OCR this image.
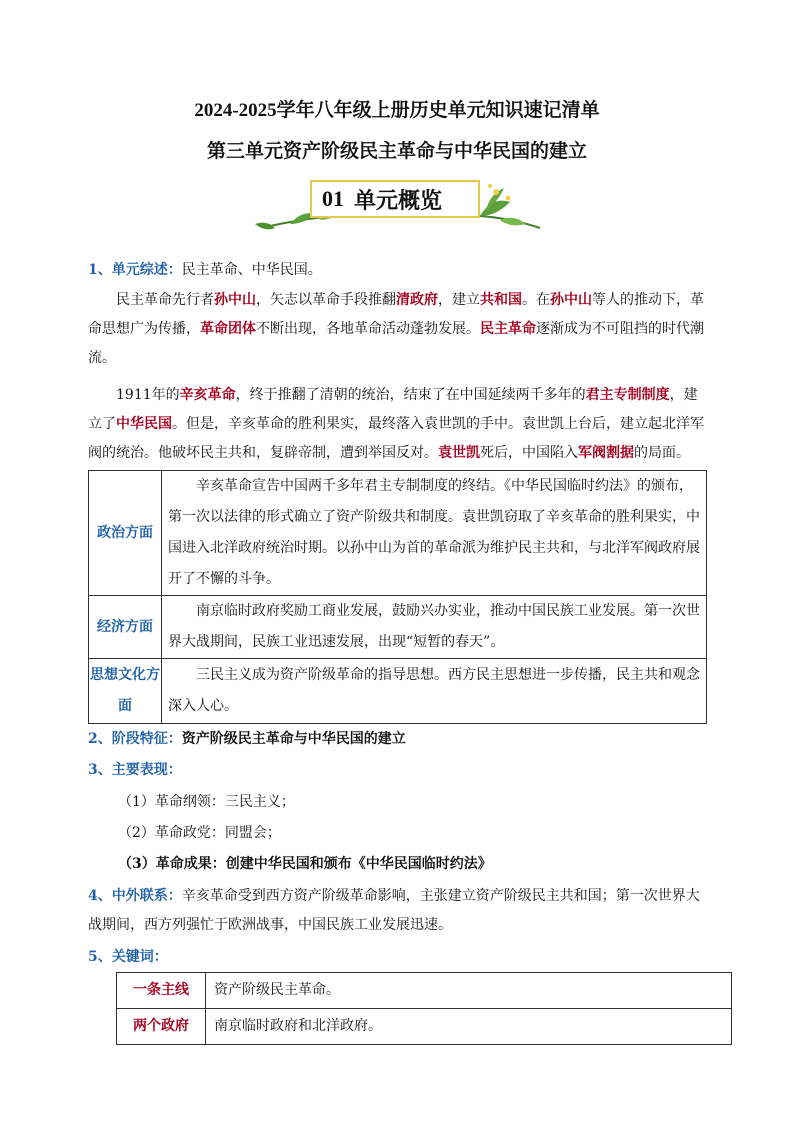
2024-2025学年八年级上册历史单元知识速记清单
第三单元资产阶级民主革命与中华民国的建立
01 单元概览
1、单元综述：民主革命、中华民国。
民主革命先行者孙中山，矢志以革命手段推翻清政府，建立共和国。在孙中山等人的推动下，革命思想广为传播，革命团体不断出现，各地革命活动蓬勃发展。民主革命逐渐成为不可阻挡的时代潮流。
1911年的辛亥革命，终于推翻了清朝的统治，结束了在中国延续两千多年的君主专制制度，建立了中华民国。但是，辛亥革命的胜利果实，最终落入袁世凯的手中。袁世凯上台后，建立起北洋军阀的统治。他破坏民主共和，复辟帝制，遭到举国反对。袁世凯死后，中国陷入军阀割据的局面。
政治方面	辛亥革命宣告中国两千多年君主专制制度的终结。《中华民国临时约法》的颁布，第一次以法律的形式确立了资产阶级共和制度。袁世凯窃取了辛亥革命的胜利果实，中国进入北洋政府统治时期。以孙中山为首的革命派为维护民主共和，与北洋军阀政府展开了不懈的斗争。
经济方面	南京临时政府奖励工商业发展，鼓励兴办实业，推动中国民族工业发展。第一次世界大战期间，民族工业迅速发展，出现“短暂的春天”。
思想文化方面	三民主义成为资产阶级革命的指导思想。西方民主思想进一步传播，民主共和观念深入人心。
2、阶段特征：资产阶级民主革命与中华民国的建立
3、主要表现：
（1）革命纲领：三民主义；
（2）革命政党：同盟会；
（3）革命成果：创建中华民国和颁布《中华民国临时约法》
4、中外联系：辛亥革命受到西方资产阶级革命影响，主张建立资产阶级民主共和国；第一次世界大战期间，西方列强忙于欧洲战事，中国民族工业发展迅速。
5、关键词：
一条主线	资产阶级民主革命。
两个政府	南京临时政府和北洋政府。
